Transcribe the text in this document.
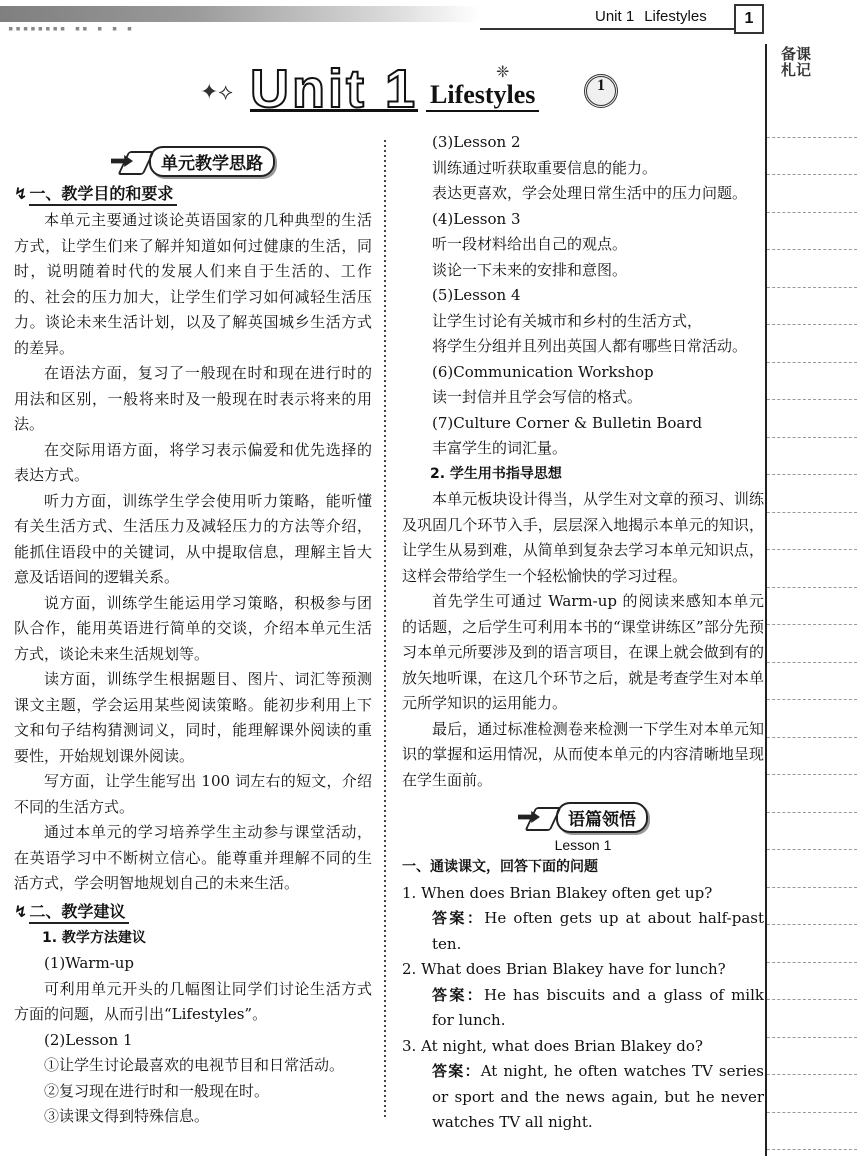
▪▪▪▪▪▪▪▪ ▪▪ ▪ ▪ ▪
Unit 1 Lifestyles	1
备课
札记
✦⟡ Unit 1	❈
Lifestyles	1
单元教学思路
↯ 一、教学目的和要求

本单元主要通过谈论英语国家的几种典型的生活方式，让学生们来了解并知道如何过健康的生活，同时，说明随着时代的发展人们来自于生活的、工作的、社会的压力加大，让学生们学习如何减轻生活压力。谈论未来生活计划，以及了解英国城乡生活方式的差异。

在语法方面，复习了一般现在时和现在进行时的用法和区别，一般将来时及一般现在时表示将来的用法。

在交际用语方面，将学习表示偏爱和优先选择的表达方式。

听力方面，训练学生学会使用听力策略，能听懂有关生活方式、生活压力及减轻压力的方法等介绍，能抓住语段中的关键词，从中提取信息，理解主旨大意及话语间的逻辑关系。

说方面，训练学生能运用学习策略，积极参与团队合作，能用英语进行简单的交谈，介绍本单元生活方式，谈论未来生活规划等。

读方面，训练学生根据题目、图片、词汇等预测课文主题，学会运用某些阅读策略。能初步利用上下文和句子结构猜测词义，同时，能理解课外阅读的重要性，开始规划课外阅读。

写方面，让学生能写出 100 词左右的短文，介绍不同的生活方式。

通过本单元的学习培养学生主动参与课堂活动，在英语学习中不断树立信心。能尊重并理解不同的生活方式，学会明智地规划自己的未来生活。

↯ 二、教学建议

1. 教学方法建议

(1)Warm-up

可利用单元开头的几幅图让同学们讨论生活方式方面的问题，从而引出“Lifestyles”。

(2)Lesson 1

①让学生讨论最喜欢的电视节目和日常活动。

②复习现在进行时和一般现在时。

③读课文得到特殊信息。

(3)Lesson 2

训练通过听获取重要信息的能力。

表达更喜欢，学会处理日常生活中的压力问题。

(4)Lesson 3

听一段材料给出自己的观点。

谈论一下未来的安排和意图。

(5)Lesson 4

让学生讨论有关城市和乡村的生活方式，

将学生分组并且列出英国人都有哪些日常活动。

(6)Communication Workshop

读一封信并且学会写信的格式。

(7)Culture Corner & Bulletin Board

丰富学生的词汇量。

2. 学生用书指导思想

本单元板块设计得当，从学生对文章的预习、训练及巩固几个环节入手，层层深入地揭示本单元的知识，让学生从易到难，从简单到复杂去学习本单元知识点，这样会带给学生一个轻松愉快的学习过程。

首先学生可通过 Warm-up 的阅读来感知本单元的话题，之后学生可利用本书的“课堂讲练区”部分先预习本单元所要涉及到的语言项目，在课上就会做到有的放矢地听课，在这几个环节之后，就是考查学生对本单元所学知识的运用能力。

最后，通过标准检测卷来检测一下学生对本单元知识的掌握和运用情况，从而使本单元的内容清晰地呈现在学生面前。

语篇领悟
Lesson 1

一、通读课文，回答下面的问题

1. When does Brian Blakey often get up?

答案：He often gets up at about half-past ten.

2. What does Brian Blakey have for lunch?

答案：He has biscuits and a glass of milk for lunch.

3. At night, what does Brian Blakey do?

答案：At night, he often watches TV series or sport and the news again, but he never watches TV all night.
